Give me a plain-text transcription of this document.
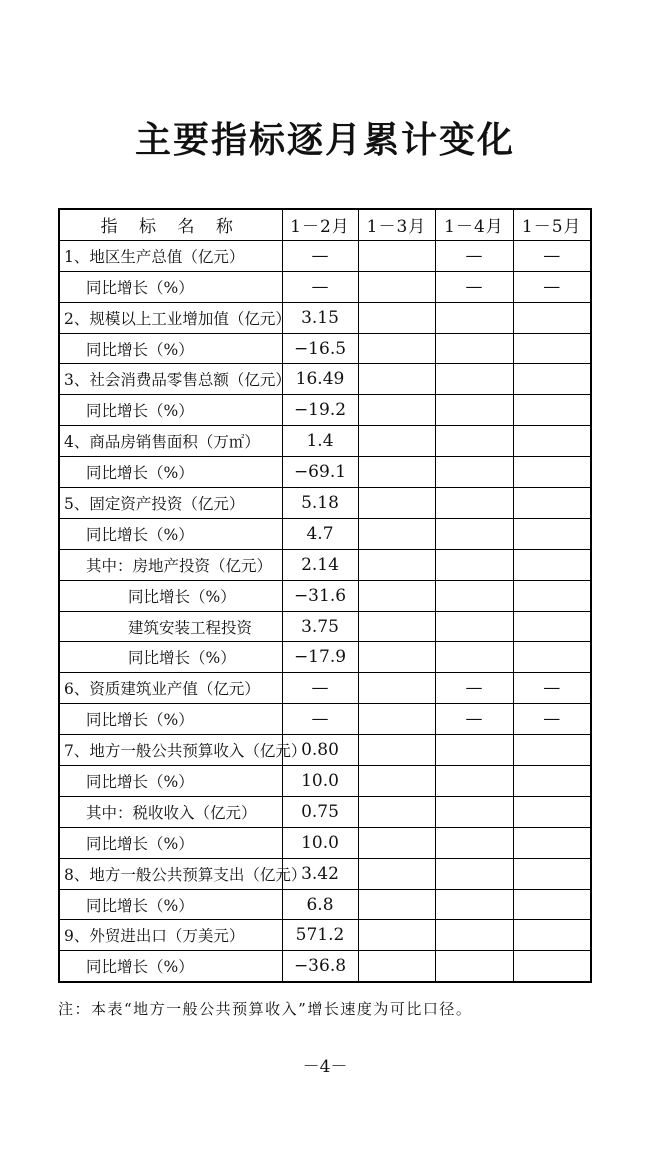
主要指标逐月累计变化
指 标 名 称	1－2月	1－3月	1－4月	1－5月
1、地区生产总值（亿元）	—		—	—
同比增长（%）	—		—	—
2、规模以上工业增加值（亿元）	3.15			
同比增长（%）	−16.5			
3、社会消费品零售总额（亿元）	16.49			
同比增长（%）	−19.2			
4、商品房销售面积（万㎡）	1.4			
同比增长（%）	−69.1			
5、固定资产投资（亿元）	5.18			
同比增长（%）	4.7			
其中：房地产投资（亿元）	2.14			
同比增长（%）	−31.6			
建筑安装工程投资	3.75			
同比增长（%）	−17.9			
6、资质建筑业产值（亿元）	—		—	—
同比增长（%）	—		—	—
7、地方一般公共预算收入（亿元）	0.80			
同比增长（%）	10.0			
其中：税收收入（亿元）	0.75			
同比增长（%）	10.0			
8、地方一般公共预算支出（亿元）	3.42			
同比增长（%）	6.8			
9、外贸进出口（万美元）	571.2			
同比增长（%）	−36.8			
注：本表“地方一般公共预算收入”增长速度为可比口径。
－4－
